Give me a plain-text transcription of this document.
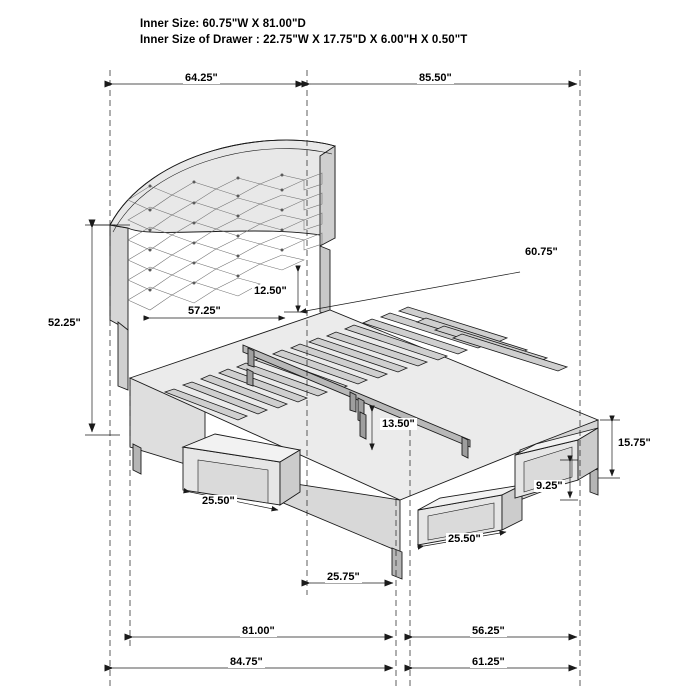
Inner Size: 60.75"W X 81.00"D
Inner Size of Drawer : 22.75"W X 17.75"D X 6.00"H X 0.50"T
64.25"	85.50"
52.25"
57.25"
12.50"
60.75"
13.50"
15.75"
9.25"
25.50"
25.50"
25.75"
81.00"	56.25"
84.75"	61.25"
